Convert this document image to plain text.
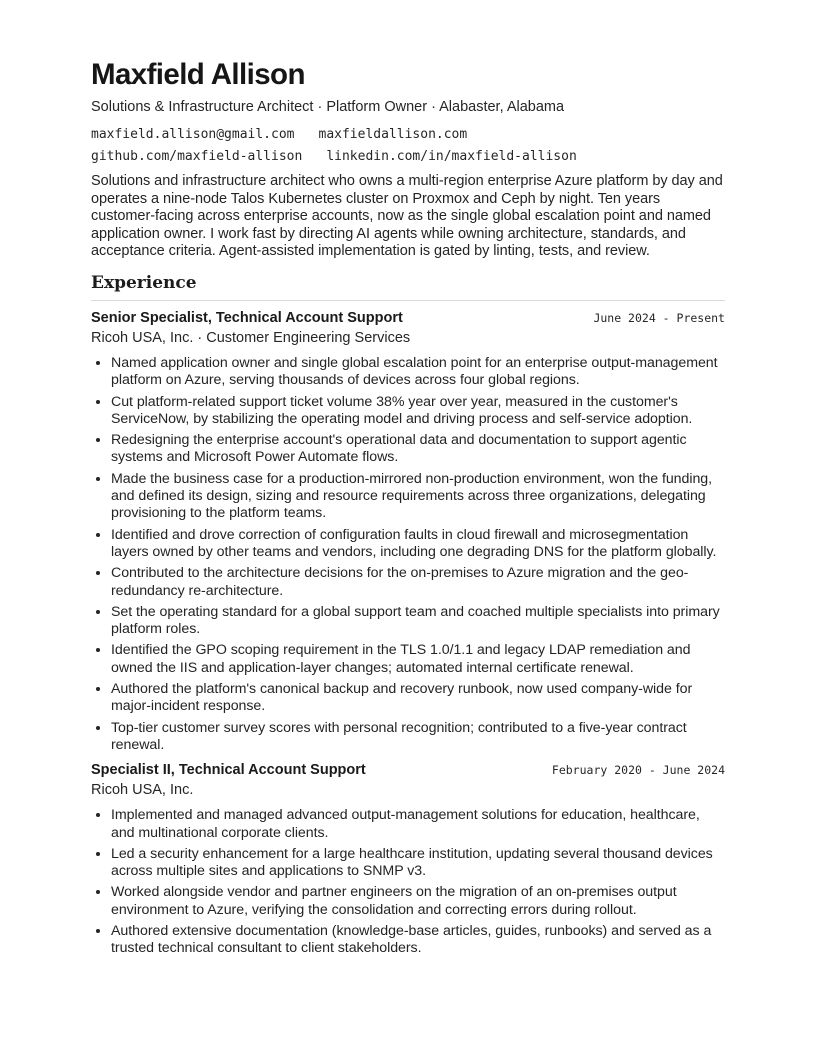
Maxfield Allison
Solutions & Infrastructure Architect · Platform Owner · Alabaster, Alabama
maxfield.allison@gmail.com maxfieldallison.com
github.com/maxfield-allison linkedin.com/in/maxfield-allison
Solutions and infrastructure architect who owns a multi-region enterprise Azure platform by day and operates a nine-node Talos Kubernetes cluster on Proxmox and Ceph by night. Ten years customer-facing across enterprise accounts, now as the single global escalation point and named application owner. I work fast by directing AI agents while owning architecture, standards, and acceptance criteria. Agent-assisted implementation is gated by linting, tests, and review.
Experience
Senior Specialist, Technical Account Support	June 2024 - Present
Ricoh USA, Inc. · Customer Engineering Services
• Named application owner and single global escalation point for an enterprise output-management platform on Azure, serving thousands of devices across four global regions.
• Cut platform-related support ticket volume 38% year over year, measured in the customer's ServiceNow, by stabilizing the operating model and driving process and self-service adoption.
• Redesigning the enterprise account's operational data and documentation to support agentic systems and Microsoft Power Automate flows.
• Made the business case for a production-mirrored non-production environment, won the funding, and defined its design, sizing and resource requirements across three organizations, delegating provisioning to the platform teams.
• Identified and drove correction of configuration faults in cloud firewall and microsegmentation layers owned by other teams and vendors, including one degrading DNS for the platform globally.
• Contributed to the architecture decisions for the on-premises to Azure migration and the geo-redundancy re-architecture.
• Set the operating standard for a global support team and coached multiple specialists into primary platform roles.
• Identified the GPO scoping requirement in the TLS 1.0/1.1 and legacy LDAP remediation and owned the IIS and application-layer changes; automated internal certificate renewal.
• Authored the platform's canonical backup and recovery runbook, now used company-wide for major-incident response.
• Top-tier customer survey scores with personal recognition; contributed to a five-year contract renewal.
Specialist II, Technical Account Support	February 2020 - June 2024
Ricoh USA, Inc.
• Implemented and managed advanced output-management solutions for education, healthcare, and multinational corporate clients.
• Led a security enhancement for a large healthcare institution, updating several thousand devices across multiple sites and applications to SNMP v3.
• Worked alongside vendor and partner engineers on the migration of an on-premises output environment to Azure, verifying the consolidation and correcting errors during rollout.
• Authored extensive documentation (knowledge-base articles, guides, runbooks) and served as a trusted technical consultant to client stakeholders.
